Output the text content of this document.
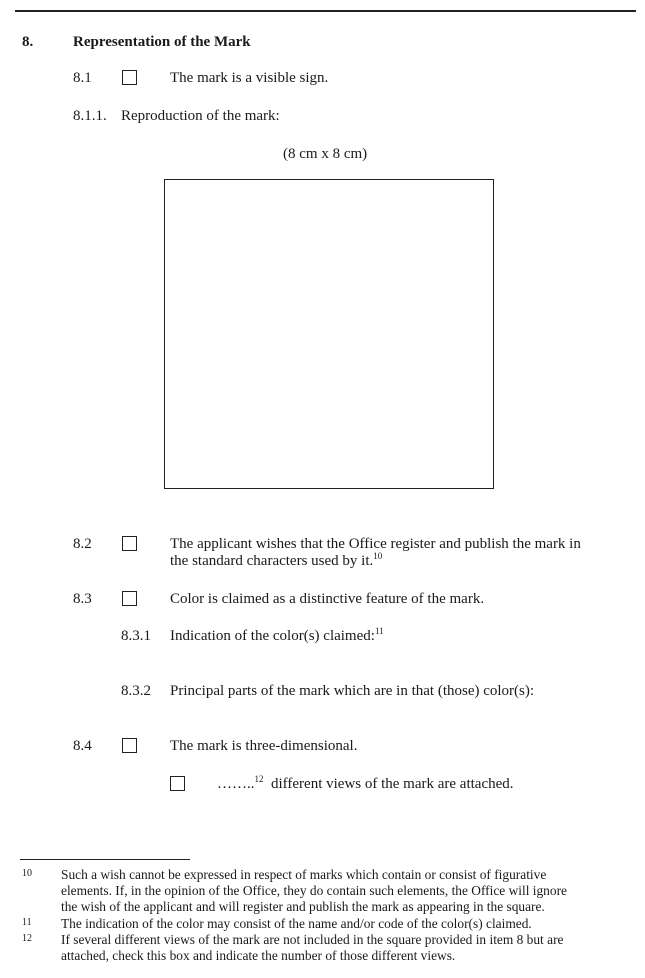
8.	Representation of the Mark
8.1	The mark is a visible sign.
8.1.1. Reproduction of the mark:
(8 cm x 8 cm)
8.2	The applicant wishes that the Office register and publish the mark in
the standard characters used by it.$^{10}$
8.3	Color is claimed as a distinctive feature of the mark.
8.3.1 Indication of the color(s) claimed:$^{11}$
8.3.2 Principal parts of the mark which are in that (those) color(s):
8.4	The mark is three-dimensional.
……..$^{12}$ different views of the mark are attached.
10 Such a wish cannot be expressed in respect of marks which contain or consist of figurative
elements. If, in the opinion of the Office, they do contain such elements, the Office will ignore
the wish of the applicant and will register and publish the mark as appearing in the square.
11 The indication of the color may consist of the name and/or code of the color(s) claimed.
12 If several different views of the mark are not included in the square provided in item 8 but are
attached, check this box and indicate the number of those different views.
